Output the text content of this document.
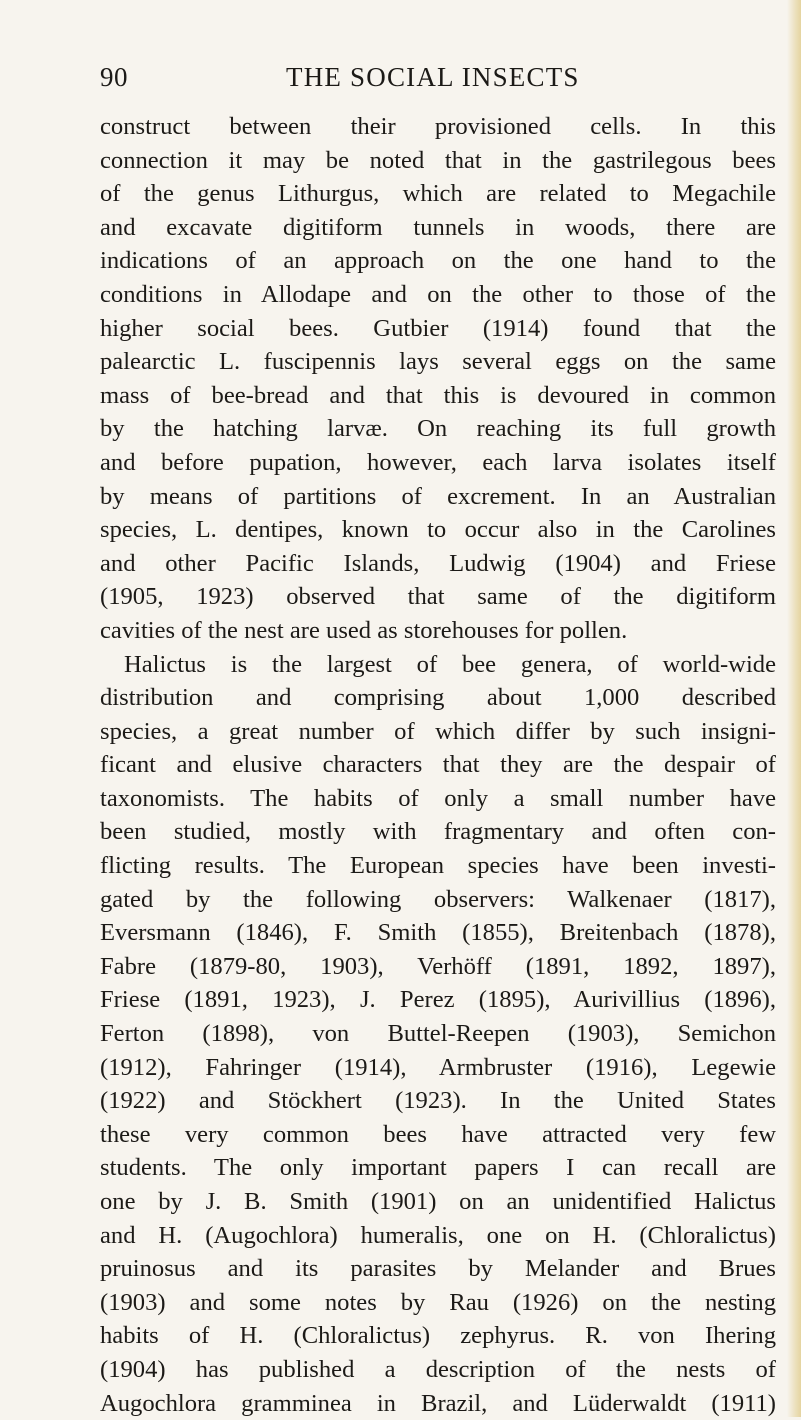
90	THE SOCIAL INSECTS
construct between their provisioned cells. In this
connection it may be noted that in the gastrilegous bees
of the genus Lithurgus, which are related to Megachile
and excavate digitiform tunnels in woods, there are
indications of an approach on the one hand to the
conditions in Allodape and on the other to those of the
higher social bees. Gutbier (1914) found that the
palearctic L. fuscipennis lays several eggs on the same
mass of bee-bread and that this is devoured in common
by the hatching larvæ. On reaching its full growth
and before pupation, however, each larva isolates itself
by means of partitions of excrement. In an Australian
species, L. dentipes, known to occur also in the Carolines
and other Pacific Islands, Ludwig (1904) and Friese
(1905, 1923) observed that same of the digitiform
cavities of the nest are used as storehouses for pollen.
Halictus is the largest of bee genera, of world-wide
distribution and comprising about 1,000 described
species, a great number of which differ by such insigni-
ficant and elusive characters that they are the despair of
taxonomists. The habits of only a small number have
been studied, mostly with fragmentary and often con-
flicting results. The European species have been investi-
gated by the following observers: Walkenaer (1817),
Eversmann (1846), F. Smith (1855), Breitenbach (1878),
Fabre (1879-80, 1903), Verhöff (1891, 1892, 1897),
Friese (1891, 1923), J. Perez (1895), Aurivillius (1896),
Ferton (1898), von Buttel-Reepen (1903), Semichon
(1912), Fahringer (1914), Armbruster (1916), Legewie
(1922) and Stöckhert (1923). In the United States
these very common bees have attracted very few
students. The only important papers I can recall are
one by J. B. Smith (1901) on an unidentified Halictus
and H. (Augochlora) humeralis, one on H. (Chloralictus)
pruinosus and its parasites by Melander and Brues
(1903) and some notes by Rau (1926) on the nesting
habits of H. (Chloralictus) zephyrus. R. von Ihering
(1904) has published a description of the nests of
Augochlora gramminea in Brazil, and Lüderwaldt (1911)
